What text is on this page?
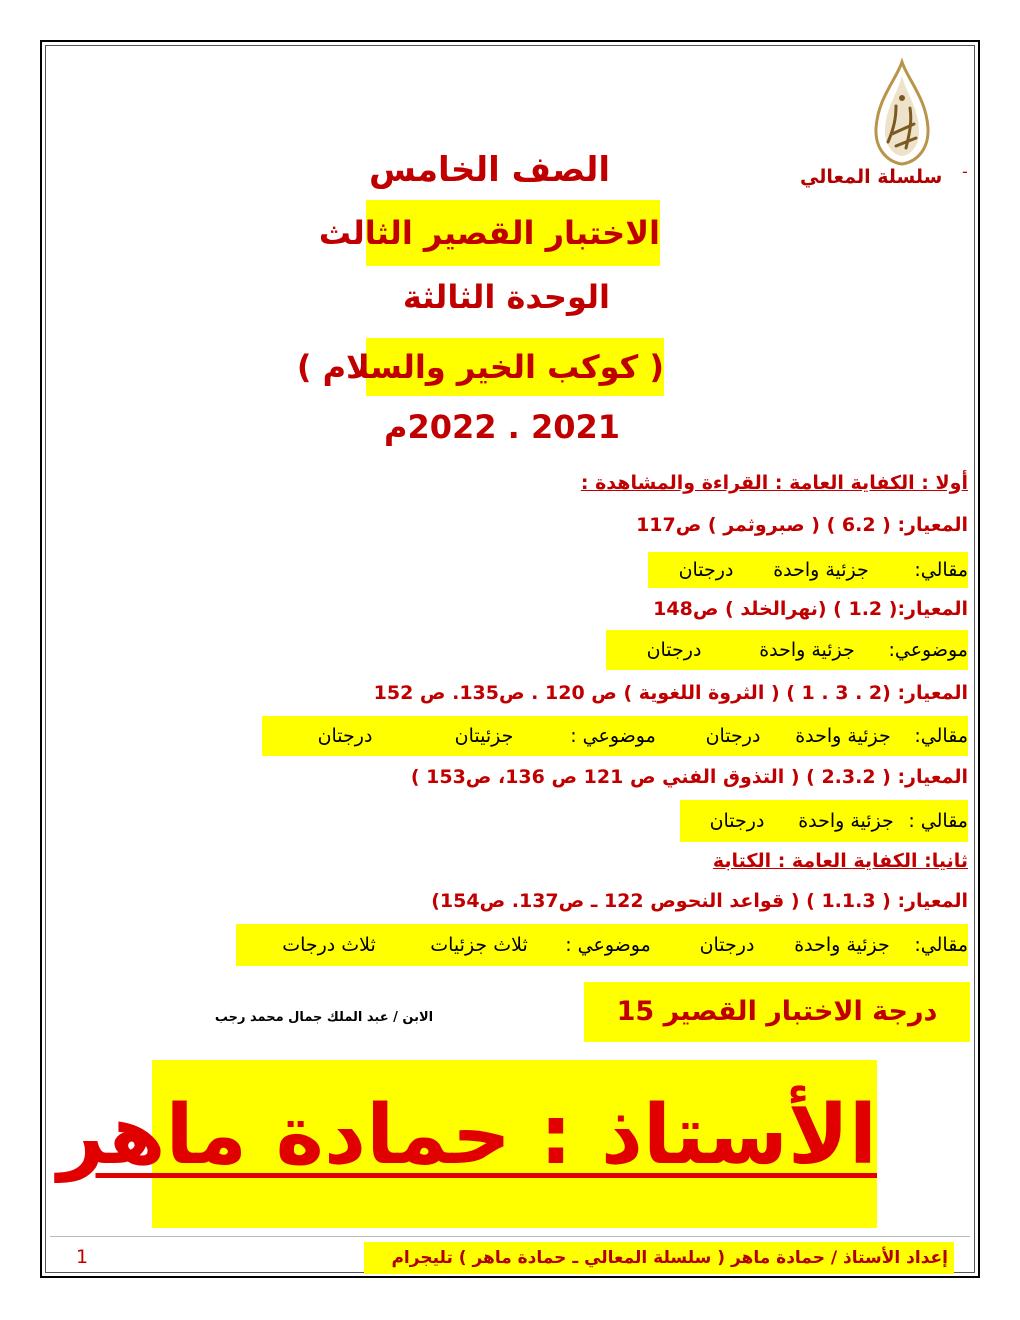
-
سلسلة المعالي
الصف الخامس
الاختبار القصير الثالث
الوحدة الثالثة
( كوكب الخير والسلام )
2021 . 2022م
أولا : الكفاية العامة : القراءة والمشاهدة :
المعيار: ( 6.2 ) ( صبروثمر ) ص117
مقالي:جزئية واحدةدرجتان
المعيار:( 1.2 ) (نهرالخلد ) ص148
موضوعي:جزئية واحدةدرجتان
المعيار: (2 . 3 . 1 ) ( الثروة اللغوية ) ص 120 . ص135. ص 152
مقالي:جزئية واحدةدرجتانموضوعي :جزئيتاندرجتان
المعيار: ( 2.3.2 ) ( التذوق الفني ص 121 ص 136، ص153 )
مقالي :جزئية واحدةدرجتان
ثانيا: الكفاية العامة : الكتابة
المعيار: ( 1.1.3 ) ( قواعد النحوص 122 ـ ص137. ص154)
مقالي:جزئية واحدةدرجتانموضوعي :ثلاث جزئياتثلاث درجات
درجة الاختبار القصير 15
الابن / عبد الملك جمال محمد رجب
الأستاذ : حمادة ماهر
إعداد الأستاذ / حمادة ماهر ( سلسلة المعالي ـ حمادة ماهر ) تليجرام
1
